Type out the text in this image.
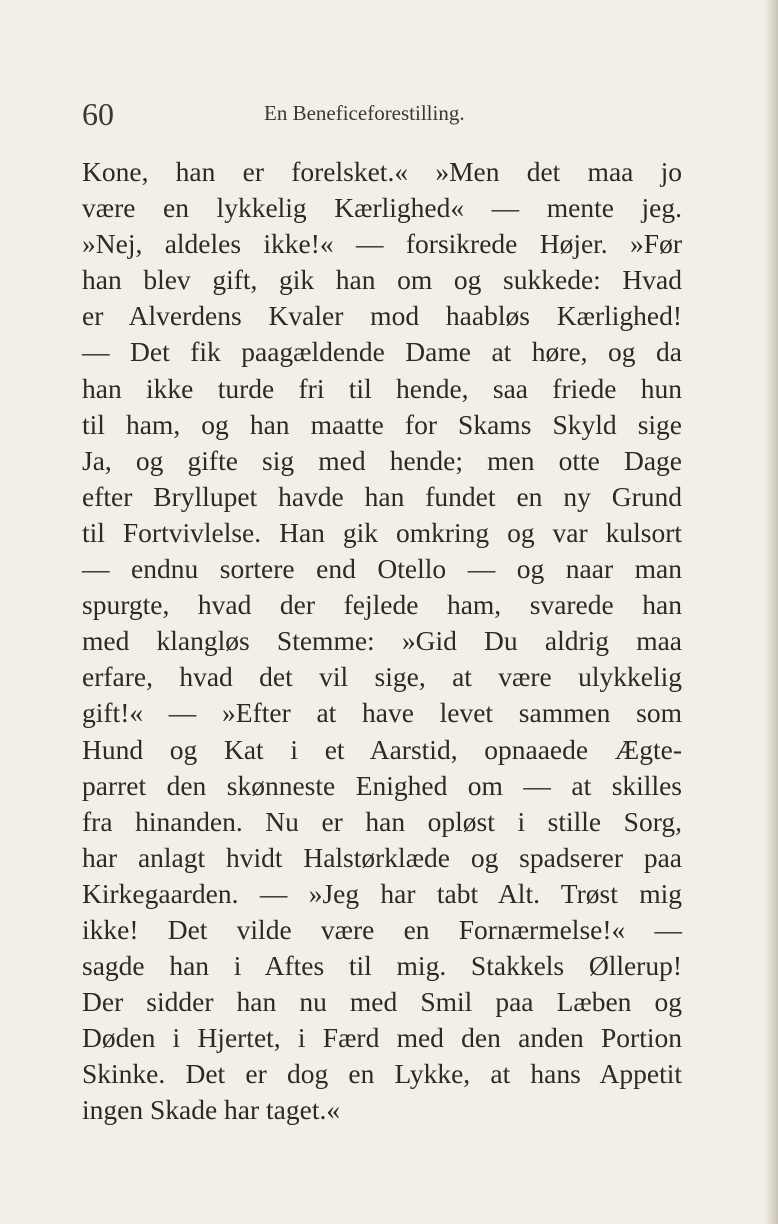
60	En Beneficeforestilling.
Kone, han er forelsket.« »Men det maa jo
være en lykkelig Kærlighed« — mente jeg.
»Nej, aldeles ikke!« — forsikrede Højer. »Før
han blev gift, gik han om og sukkede: Hvad
er Alverdens Kvaler mod haabløs Kærlighed!
— Det fik paagældende Dame at høre, og da
han ikke turde fri til hende, saa friede hun
til ham, og han maatte for Skams Skyld sige
Ja, og gifte sig med hende; men otte Dage
efter Bryllupet havde han fundet en ny Grund
til Fortvivlelse. Han gik omkring og var kulsort
— endnu sortere end Otello — og naar man
spurgte, hvad der fejlede ham, svarede han
med klangløs Stemme: »Gid Du aldrig maa
erfare, hvad det vil sige, at være ulykkelig
gift!« — »Efter at have levet sammen som
Hund og Kat i et Aarstid, opnaaede Ægte-
parret den skønneste Enighed om — at skilles
fra hinanden. Nu er han opløst i stille Sorg,
har anlagt hvidt Halstørklæde og spadserer paa
Kirkegaarden. — »Jeg har tabt Alt. Trøst mig
ikke! Det vilde være en Fornærmelse!« —
sagde han i Aftes til mig. Stakkels Øllerup!
Der sidder han nu med Smil paa Læben og
Døden i Hjertet, i Færd med den anden Portion
Skinke. Det er dog en Lykke, at hans Appetit
ingen Skade har taget.«
